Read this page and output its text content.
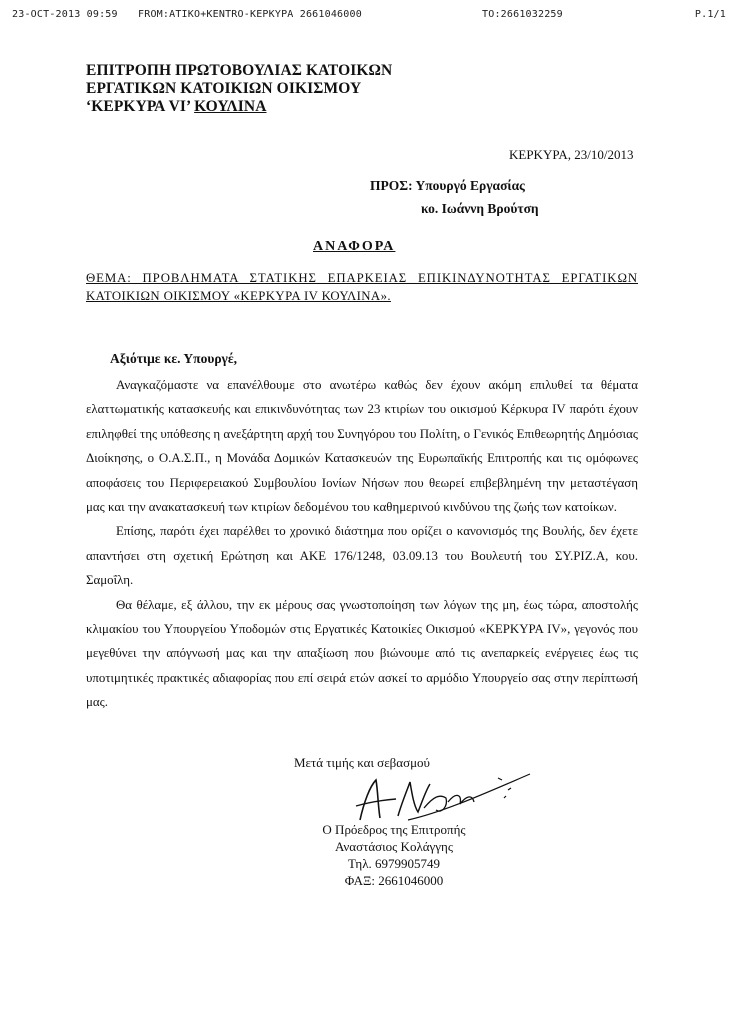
23-OCT-2013 09:59 FROM:ATIKO+KENTRO-KEPKYPA 2661046000	TO:2661032259	P.1/1
ΕΠΙΤΡΟΠΗ ΠΡΩΤΟΒΟΥΛΙΑΣ ΚΑΤΟΙΚΩΝ
ΕΡΓΑΤΙΚΩΝ ΚΑΤΟΙΚΙΩΝ ΟΙΚΙΣΜΟΥ
‘ΚΕΡΚΥΡΑ VI’ ΚΟΥΛΙΝΑ
ΚΕΡΚΥΡΑ, 23/10/2013
ΠΡΟΣ: Υπουργό Εργασίας
κο. Ιωάννη Βρούτση
ΑΝΑΦΟΡΑ
ΘΕΜΑ: ΠΡΟΒΛΗΜΑΤΑ ΣΤΑΤΙΚΗΣ ΕΠΑΡΚΕΙΑΣ ΕΠΙΚΙΝΔΥΝΟΤΗΤΑΣ ΕΡΓΑΤΙΚΩΝ
ΚΑΤΟΙΚΙΩΝ ΟΙΚΙΣΜΟΥ «ΚΕΡΚΥΡΑ IV ΚΟΥΛΙΝΑ».
Αξιότιμε κε. Υπουργέ,

Αναγκαζόμαστε να επανέλθουμε στο ανωτέρω καθώς δεν έχουν ακόμη επιλυθεί τα θέματα ελαττωματικής κατασκευής και επικινδυνότητας των 23 κτιρίων του οικισμού Κέρκυρα IV παρότι έχουν επιληφθεί της υπόθεσης η ανεξάρτητη αρχή του Συνηγόρου του Πολίτη, ο Γενικός Επιθεωρητής Δημόσιας Διοίκησης, ο Ο.Α.Σ.Π., η Μονάδα Δομικών Κατασκευών της Ευρωπαϊκής Επιτροπής και τις ομόφωνες αποφάσεις του Περιφερειακού Συμβουλίου Ιονίων Νήσων που θεωρεί επιβεβλημένη την μεταστέγαση μας και την ανακατασκευή των κτιρίων δεδομένου του καθημερινού κινδύνου της ζωής των κατοίκων.

Επίσης, παρότι έχει παρέλθει το χρονικό διάστημα που ορίζει ο κανονισμός της Βουλής, δεν έχετε απαντήσει στη σχετική Ερώτηση και ΑΚΕ 176/1248, 03.09.13 του Βουλευτή του ΣΥ.ΡΙΖ.Α, κου. Σαμοΐλη.

Θα θέλαμε, εξ άλλου, την εκ μέρους σας γνωστοποίηση των λόγων της μη, έως τώρα, αποστολής κλιμακίου του Υπουργείου Υποδομών στις Εργατικές Κατοικίες Οικισμού «ΚΕΡΚΥΡΑ IV», γεγονός που μεγεθύνει την απόγνωσή μας και την απαξίωση που βιώνουμε από τις ανεπαρκείς ενέργειες έως τις υποτιμητικές πρακτικές αδιαφορίας που επί σειρά ετών ασκεί το αρμόδιο Υπουργείο σας στην περίπτωσή μας.

Μετά τιμής και σεβασμού
Ο Πρόεδρος της Επιτροπής
Αναστάσιος Κολάγγης
Τηλ. 6979905749
ΦΑΞ: 2661046000
